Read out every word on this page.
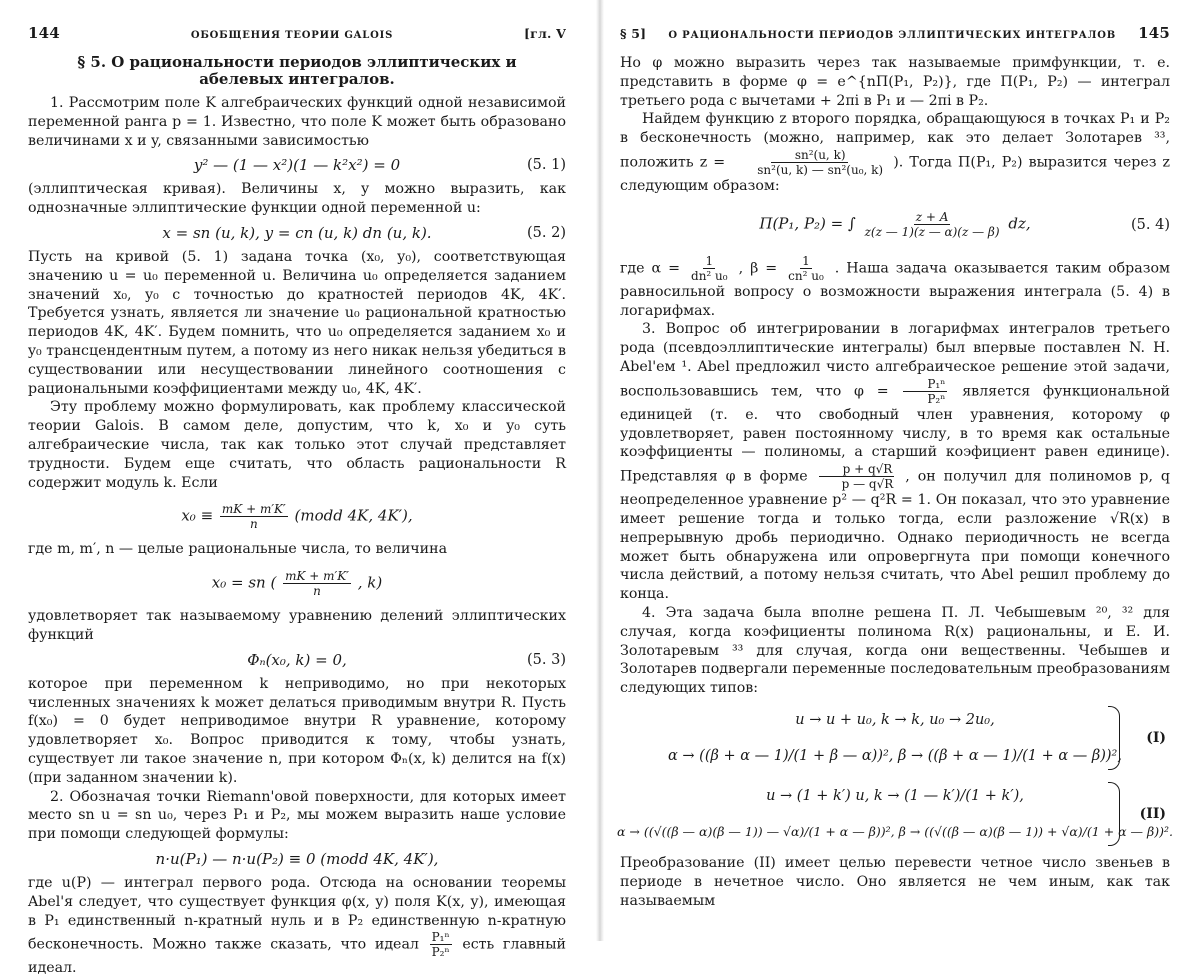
144	ОБОБЩЕНИЯ ТЕОРИИ GALOIS	[гл. V
§ 5. О рациональности периодов эллиптических и абелевых интегралов.

1. Рассмотрим поле K алгебраических функций одной независимой переменной ранга p = 1. Известно, что поле K может быть образовано величинами x и y, связанными зависимостью

y² — (1 — x²)(1 — k²x²) = 0	(5. 1)

(эллиптическая кривая). Величины x, y можно выразить, как однозначные эллиптические функции одной переменной u:

x = sn (u, k), y = cn (u, k) dn (u, k).	(5. 2)

Пусть на кривой (5. 1) задана точка (x₀, y₀), соответствующая значению u = u₀ переменной u. Величина u₀ определяется заданием значений x₀, y₀ с точностью до кратностей периодов 4K, 4K′. Требуется узнать, является ли значение u₀ рациональной кратностью периодов 4K, 4K′. Будем помнить, что u₀ определяется заданием x₀ и y₀ трансцендентным путем, а потому из него никак нельзя убедиться в существовании или несуществовании линейного соотношения с рациональными коэффициентами между u₀, 4K, 4K′.

Эту проблему можно формулировать, как проблему классической теории Galois. В самом деле, допустим, что k, x₀ и y₀ суть алгебраические числа, так как только этот случай представляет трудности. Будем еще считать, что область рациональности R содержит модуль k. Если

$x_0 \equiv \frac{mK + m'K'}{n}$ (modd 4K, 4K′),

где m, m′, n — целые рациональные числа, то величина

x₀ = sn ( $\frac{mK + m'K'}{n}$ , k)

удовлетворяет так называемому уравнению делений эллиптических функций

Φₙ(x₀, k) = 0,	(5. 3)

которое при переменном k неприводимо, но при некоторых численных значениях k может делаться приводимым внутри R. Пусть f(x₀) = 0 будет неприводимое внутри R уравнение, которому удовлетворяет x₀. Вопрос приводится к тому, чтобы узнать, существует ли такое значение n, при котором Φₙ(x, k) делится на f(x) (при заданном значении k).

2. Обозначая точки Riemann'овой поверхности, для которых имеет место sn u = sn u₀, через P₁ и P₂, мы можем выразить наше условие при помощи следующей формулы:

n·u(P₁) — n·u(P₂) ≡ 0 (modd 4K, 4K′),

где u(P) — интеграл первого рода. Отсюда на основании теоремы Abel'я следует, что существует функция φ(x, y) поля K(x, y), имеющая в P₁ единственный n-кратный нуль и в P₂ единственную n-кратную бесконечность. Можно также сказать, что идеал $\frac{\text{P₁ⁿ}}{\text{P₂ⁿ}}$ есть главный идеал.

§ 5] О РАЦИОНАЛЬНОСТИ ПЕРИОДОВ ЭЛЛИПТИЧЕСКИХ ИНТЕГРАЛОВ 145

Но φ можно выразить через так называемые примфункции, т. е. представить в форме φ = e^{nΠ(P₁, P₂)}, где Π(P₁, P₂) — интеграл третьего рода с вычетами + 2πi в P₁ и — 2πi в P₂.

Найдем функцию z второго порядка, обращающуюся в точках P₁ и P₂ в бесконечность (можно, например, как это делает Золотарев ³³, положить $z = \frac{\text{sn²(u, k)}}{\text{sn²(u, k) — sn²(u₀, k)}}$ ). Тогда Π(P₁, P₂) выразится через z следующим образом:

Π(P₁, P₂) = ∫ $\frac{z + A}{z(z — 1)(z — \alpha)(z — \beta)}$ dz,	(5. 4)

где $\alpha = \frac{1}{\text{dn² u₀}}$ , $\beta = \frac{1}{\text{cn² u₀}}$ . Наша задача оказывается таким образом равносильной вопросу о возможности выражения интеграла (5. 4) в логарифмах.

3. Вопрос об интегрировании в логарифмах интегралов третьего рода (псевдоэллиптические интегралы) был впервые поставлен N. H. Abel'ем ¹. Abel предложил чисто алгебраическое решение этой задачи, воспользовавшись тем, что $\varphi = \frac{\text{P₁ⁿ}}{\text{P₂ⁿ}}$ является функциональной единицей (т. е. что свободный член уравнения, которому φ удовлетворяет, равен постоянному числу, в то время как остальные коэффициенты — полиномы, а старший коэфициент равен единице). Представляя φ в форме $\frac{p + q√R}{p — q√R}$ , он получил для полиномов p, q неопределенное уравнение p² — q²R = 1. Он показал, что это уравнение имеет решение тогда и только тогда, если разложение √R(x) в непрерывную дробь периодично. Однако периодичность не всегда может быть обнаружена или опровергнута при помощи конечного числа действий, а потому нельзя считать, что Abel решил проблему до конца.

4. Эта задача была вполне решена П. Л. Чебышевым ²⁰, ³² для случая, когда коэфициенты полинома R(x) рациональны, и Е. И. Золотаревым ³³ для случая, когда они вещественны. Чебышев и Золотарев подвергали переменные последовательным преобразованиям следующих типов:

u → u + u₀, k → k, u₀ → 2u₀,
α → ((β + α — 1)/(1 + β — α))², β → ((β + α — 1)/(1 + α — β))²,
(I)
u → (1 + k′) u, k → (1 — k′)/(1 + k′),
α → ((√((β — α)(β — 1)) — √α)/(1 + α — β))², β → ((√((β — α)(β — 1)) + √α)/(1 + α — β))².
(II)

Преобразование (II) имеет целью перевести четное число звеньев в периоде в нечетное число. Оно является не чем иным, как так называемым
